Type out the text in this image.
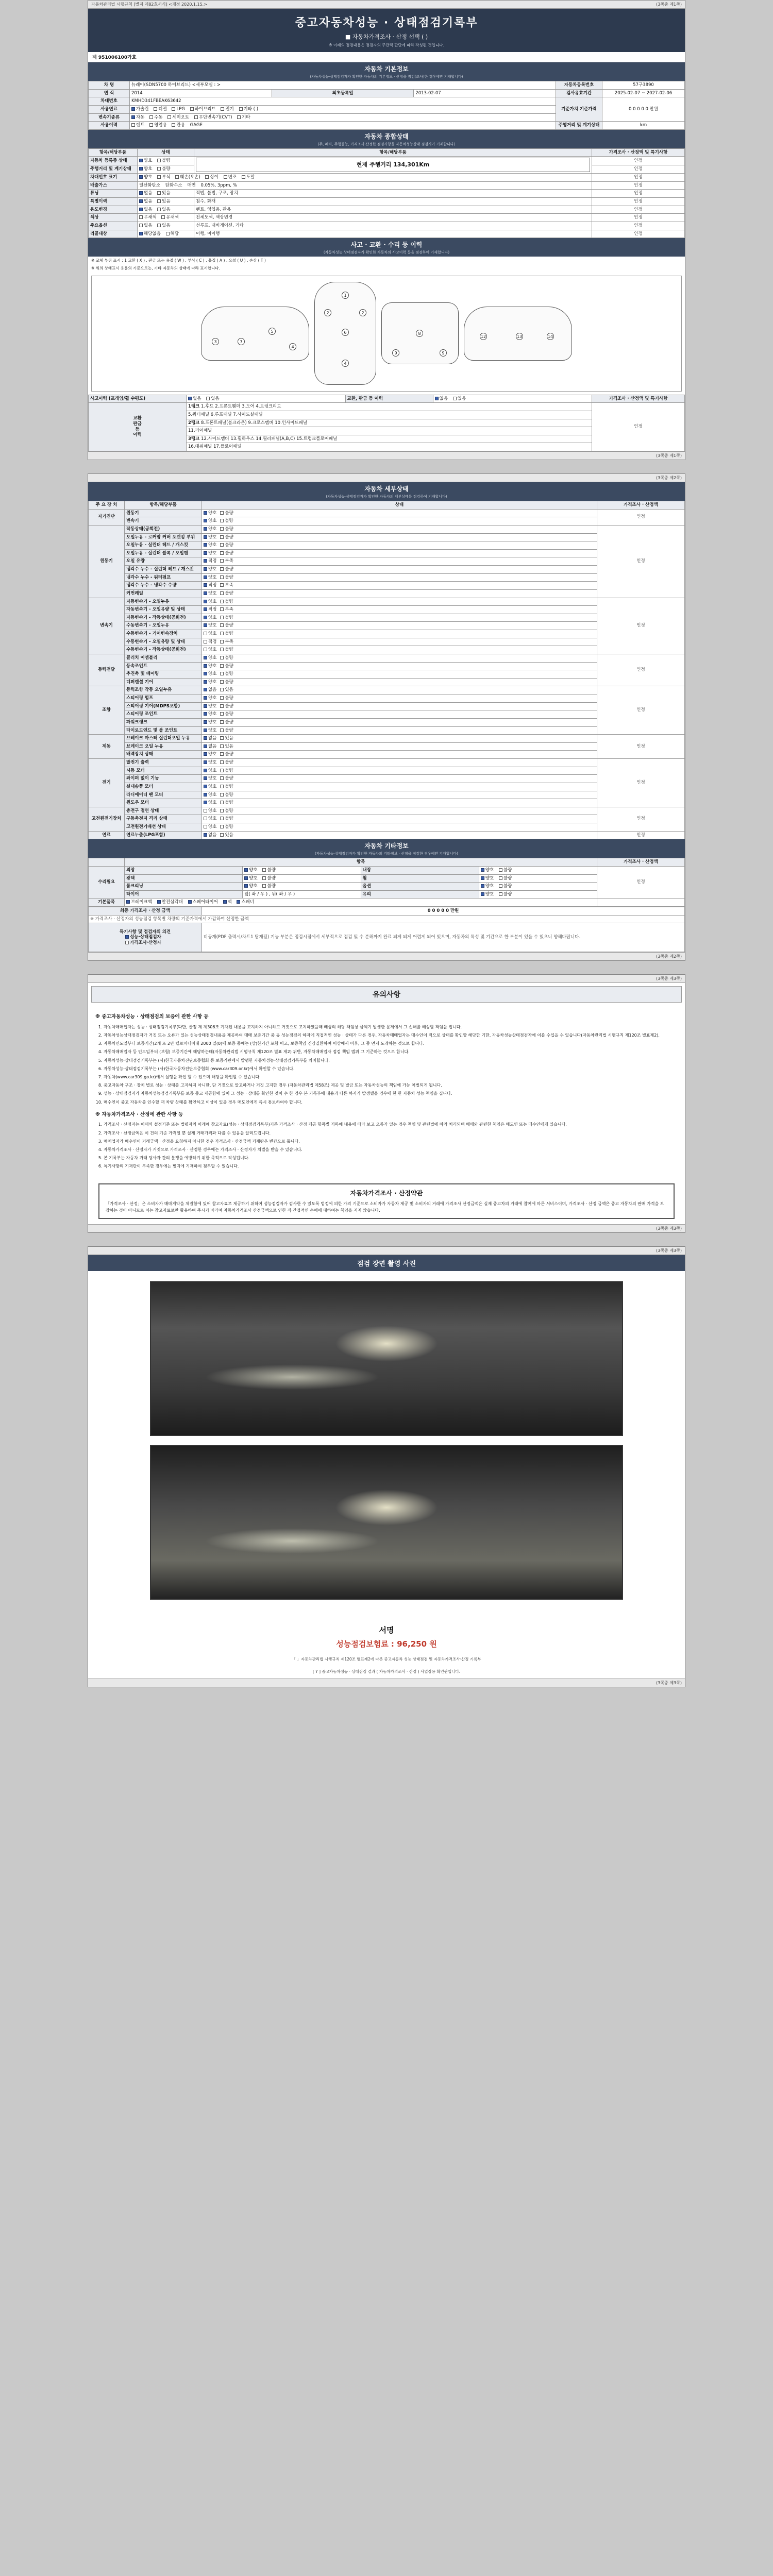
자동차관리법 시행규칙 [별지 제82호서식] <개정 2020.1.15.>	(3쪽중 제1쪽)
중고자동차성능 · 상태점검기록부
■ 자동차가격조사 · 산정 선택 ( )
※ 이래의 점검내용은 점검자의 주관적 판단에 따라 작성된 것입니다.
제 951006100가호
자동차 기본정보
(자동차성능·상태점검자가 확인한 자동차의 기본정보 · 산정을 점검(조사)한 경우에만 기재합니다)
차 명	뉴레이(SDN5700 하이브리드) <세부모델 : >			자동차등록번호	57구3890
연 식	2014	최초등록일	2013-02-07	검사유효기간	2025-02-07 ~ 2027-02-06
차대번호	KMHD341FBEAK63642			기준가치 기준가격	0 0 0 0 0 만원
사용연료	가솔린 디젤 LPG 하이브리드 전기 기타 ( )				
변속기종류	자동 수동 세미오토 무단변속기(CVT) 기타				
사용이력	렌트 영업용 관용 GAGE			주행거리 및 계기상태	km
자동차 종합상태
(주, 폐차, 주행불능, 가격조사·산정한 점검사항을 자동차성능상태 점검자가 기재합니다)
항목/해당부품	상태	항목/해당부품	가격조사 · 산정액 및 특기사항
자동차 등록증 상태	양호 불량	현재 주행거리 134,301Km	인정
주행거리 및 계기상태	양호 불량		인정
차대번호 표기	양호 부식 훼손(오손) 상이 변조 도말		인정
배출가스	일산화탄소 탄화수소 매연 0.05%, 3ppm, %		인정
튜닝	없음 있음	적법, 불법, 구조, 장치	인정
특별이력	없음 있음	침수, 화재	인정
용도변경	없음 있음	렌트, 영업용, 관용	인정
색상	무채색 유채색	전체도색, 색상변경	인정
주요옵션	없음 있음	선루프, 내비게이션, 기타	인정
리콜대상	해당없음 해당	이행, 미이행	인정
사고 · 교환 · 수리 등 이력
(자동차성능·상태점검자가 확인한 자동차의 사고이력 등을 점검하여 기재합니다)
※ 교체 부위 표시 : 1 교환 ( X ) , 판금 또는 용접 ( W ) , 부식 ( C ) , 흠집 ( A ) , 요철 ( U ) , 손상 ( T )
※ 위의 상태표시 용용의 기준으로는, 기타 자동차의 상태에 따라 표시합니다.
3	7
5
4
1
2	2
6
4
8
9	9
12	13	14
사고이력 (프레임/휠 수평도)	없음 있음	교환, 판금 등 이력	없음 있음	가격조사 · 산정액 및 특기사항
교환
판금
등
이력	1랭크 1.후드 2.프론트휀더 3.도어 4.트렁크리드			인정
	5.쿼터패널 6.루프패널 7.사이드실패널			
	2랭크 8.프론트패널(볼크라운) 9.크로스멤버 10.인사이드패널			
	11.리어패널			
	3랭크 12.사이드멤버 13.휠하우스 14.필러패널(A,B,C) 15.트렁크플로어패널			
	16.대쉬패널 17.플로어패널			
(3쪽중 제1쪽)
(3쪽중 제2쪽)
자동차 세부상태
(자동차성능·상태점검자가 확인한 자동차의 세부상태를 점검하여 기재합니다)
주 요 장 치	항목/해당부품	상태	가격조사 · 산정액
자기진단	원동기	양호 불량	인정
	변속기	양호 불량	
원동기	작동상태(공회전)	양호 불량	인정
	오일누유 - 로커암 커버 포켓킹 부위	양호 불량	
	오일누유 - 실린더 헤드 / 개스킷	양호 불량	
	오일누유 - 실린더 블록 / 오일팬	양호 불량	
	오일 유량	적정 부족	
	냉각수 누수 - 실린더 헤드 / 개스킷	양호 불량	
	냉각수 누수 - 워터펌프	양호 불량	
	냉각수 누수 - 냉각수 수량	적정 부족	
	커먼레일	양호 불량	
변속기	자동변속기 - 오일누유	양호 불량	인정
	자동변속기 - 오일유량 및 상태	적정 부족	
	자동변속기 - 작동상태(공회전)	양호 불량	
	수동변속기 - 오일누유	양호 불량	
	수동변속기 - 기어변속장치	양호 불량	
	수동변속기 - 오일유량 및 상태	적정 부족	
	수동변속기 - 작동상태(공회전)	양호 불량	
동력전달	클러치 어셈블리	양호 불량	인정
	등속조인트	양호 불량	
	추진축 및 베어링	양호 불량	
	디퍼렌셜 기어	양호 불량	
조향	동력조향 작동 오일누유	없음 있음	인정
	스티어링 펌프	양호 불량	
	스티어링 기어(MDPS포함)	양호 불량	
	스티어링 조인트	양호 불량	
	파워크랭크	양호 불량	
	타이로드엔드 및 볼 조인트	양호 불량	
제동	브레이크 마스터 실린더오일 누유	없음 있음	인정
	브레이크 오일 누유	없음 있음	
	배력장치 상태	양호 불량	
전기	발전기 출력	양호 불량	인정
	시동 모터	양호 불량	
	와이퍼 없이 기능	양호 불량	
	실내송풍 모터	양호 불량	
	라디에이터 팬 모터	양호 불량	
	윈도우 모터	양호 불량	
고전원전기장치	충전구 절연 상태	양호 불량	인정
	구동축전지 격리 상태	양호 불량	
	고전원전기배선 상태	양호 불량	
연료	연료누출(LPG포함)	없음 있음	인정
자동차 기타정보
(자동차성능·상태점검자가 확인한 자동차의 기타정보 · 산정을 점검한 경우에만 기재합니다)
	항목				가격조사 · 산정액
수리필요	외장	양호 불량	내장	양호 불량	인정
	광택	양호 불량	휠	양호 불량	
	룸크리닝	양호 불량	옵션	양호 불량	
	타이어	앞( 좌 / 우 ) , 뒤( 좌 / 우 )	유리	양호 불량	
기본품목	브레이크액 안전삼각대 스페어타이어 잭 스패너				
최종 가격조사 · 산정 금액	0 0 0 0 0 만원
※ 가격조사 · 산정자의 성능점검 항목별 차량의 기준가격에서 가감하여 산정한 금액	
특기사항 및 점검자의 의견
성능·상태점검자
가격조사·산정자	비공개(PDF 출력시/차트1 탑재됨) 기능 부분은 점검시점에서 세부적으로 점검 및 수 분해까지 완료 되게 되게 어렵게 되어 있으며, 자동차의 특성 및 기간으로 한 부분이 있을 수 있으니 양해바랍니다.
(3쪽중 제2쪽)
(3쪽중 제3쪽)
유의사항
※ 중고자동차성능 · 상태점검의 보증에 관한 사항 등
1. 자동차매매업자는 성능 · 상태점검기록부(다만, 산정 제 제306조 기재된 내용을 고지하지 아니하고 거짓으로 고지하였을때 배상의 해당 책임상 금액기 발생한 문제에서 그 손해를 배상할 책임을 집니다.
2. 자동차성능상태점검자가 거짓 또는 오류가 있는 성능상태점검내용을 제공하여 매매 보증기간 중 동 성능점검의 하자에 직접적인 성능 · 상태가 다른 경우, 자동차매매업자는 매수인이 적으로 상태를 확인할 해당한 기한, 자동차성능상태점검자에 이를 수입을 수 있습니다(자동차관리법 시행규칙 제120조 별표제2).
3. 자동차인도일부터 보증기간(2개 또 2만 킬로미터이내 2000 일(0)에 보증 중에는 (상)한기간 포함 이고, 보증책임 건강질환하여 이상에서 이후, 그 중 먼저 도래하는 것으로 합니다.
4. 자동차매매업자 등 인도일부터 (보험) 보증기간에 해당하는데(자동차관리법 시행규칙 제120조 별표 제2) 위반, 자동차매매업자 점검 책임 범위 그 기준하는 것으로 합니다.
5. 자동차성능·상태점검기록부는 (사)한국자동차진단보증협회 등 보증기관에서 발행한 자동차성능·상태점검기록부를 의미합니다.
6. 자동차성능·상태점검기록부는 (사)한국자동차진단보증협회 (www.car309.or.kr)에서 확인할 수 있습니다.
7. 자동차(www.car309.go.kr)에서 실행을 확인 할 수 있으며 해당을 확인할 수 있습니다.
8. 중고자동차 구조 · 장치 별로 성능 · 상태를 고지하지 아니한, 단 거짓으로 알고하거나 거짓 고지한 경우 (자동차관리법 제58조) 제공 및 벌금 또는 자동차성능의 책임에 가능 처벌되게 됩니다.
9. 성능 · 상태점검자가 자동차성능점검기록부를 보증 중고 제공함에 있어 그 성능 · 상태를 확인한 것이 수 한 경우 본 기록부에 내용과 다른 하자가 발생했을 경우에 한 한 자동차 성능 책임을 집니다.
10. 매수인이 중고 자동차를 인수할 때 차량 상태를 확인하고 이상이 있을 경우 매도인에게 즉시 통보하여야 합니다.
※ 자동차가격조사 · 산정에 관한 사항 등
1. 가격조사 · 산정자는 이때의 설정기준 또는 법령자의 이래에 참고자료(성능 · 상태점검기록부)기준 가격조사 · 산정 제공 항목별 기록에 내용에 따라 보고 오류가 있는 경우 책임 및 관련법에 따라 처리되며 매매와 관련한 책임은 매도인 또는 매수인에게 있습니다.
2. 가격조사 · 산정금액은 이 건의 기준 가격일 뿐 실제 거래가격과 다를 수 있음을 알려드립니다.
3. 매매업자가 매수인이 거래금액 · 산정을 요청하지 아니한 경우 가격조사 · 산정금액 기재란은 빈칸으로 둡니다.
4. 자동차가격조사 · 산정자가 거짓으로 가격조사 · 산정한 경우에는 가격조사 · 산정자가 처벌을 받을 수 있습니다.
5. 본 기록부는 자동차 거래 당사자 간의 분쟁을 예방하기 위한 목적으로 작성됩니다.
6. 특기사항의 기재란이 부족한 경우에는 별지에 기재하여 첨부할 수 있습니다.
자동차가격조사 · 산정약관
「가격조사 · 산정」은 소비자가 매매계약을 체결함에 있어 참고자료로 제공하기 위하여 성능점검자가 검사한 수 있도록 법정에 의한 가격 기준으로 소비자가 자동차 제공 및 소비자의 거래에 가격조사 산정금액은 실제 중고차의 거래에 참여에 따른 서비스이며, 가격조사 · 산정 금액은 중고 자동차의 판매 가격을 보장하는 것이 아니므로 이는 참고자료로만 활용하여 주시기 바라며 자동차가격조사 산정금액으로 인한 직·간접적인 손해에 대하여는 책임을 지지 않습니다.
(3쪽중 제3쪽)
(3쪽중 제3쪽)
점검 장면 촬영 사진
서명
성능점검보험료 : 96,250 원
「 」자동차관리법 시행규칙 제120조 별표제2에 따른 중고자동차 성능·상태점검 및 자동차가격조사·산정 기록부
[ Y ] 중고자동차성능 · 상태점검 결과 ( 자동차가격조사 · 산정 ) 사업장용 확인란입니다.
(3쪽중 제3쪽)
